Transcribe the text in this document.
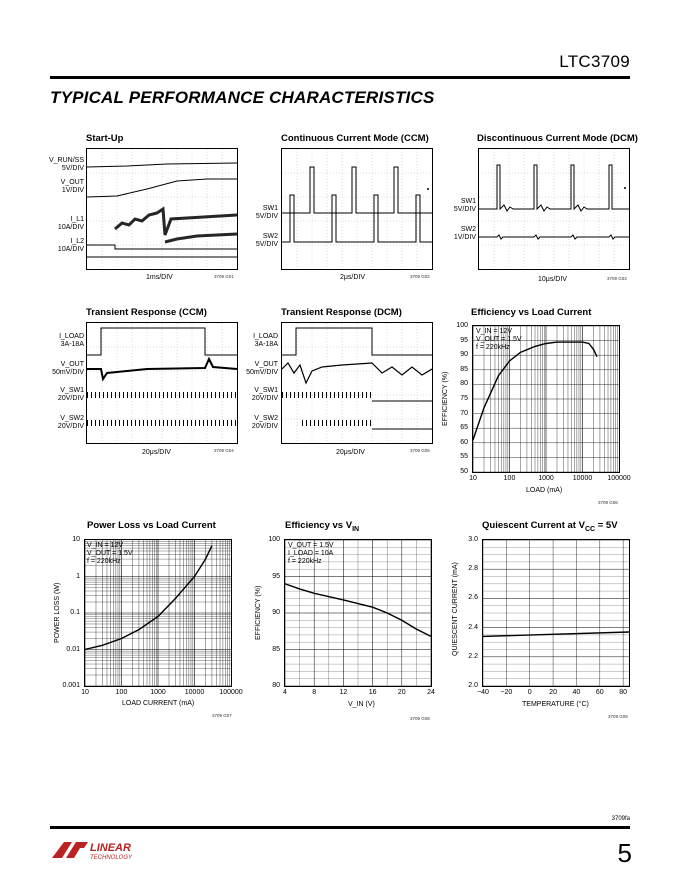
LTC3709
TYPICAL PERFORMANCE CHARACTERISTICS
Start-Up
V_RUN/SS
5V/DIV
V_OUT
1V/DIV
I_L1
10A/DIV
I_L2
10A/DIV
1ms/DIV	3709 G01
Continuous Current Mode (CCM)
SW1
5V/DIV
SW2
5V/DIV
2μs/DIV	3709 G02
Discontinuous Current Mode (DCM)
SW1
5V/DIV
SW2
1V/DIV
10μs/DIV	3709 G03
Transient Response (CCM)
I_LOAD
3A-18A
V_OUT
50mV/DIV
V_SW1
20V/DIV
V_SW2
20V/DIV
20μs/DIV	3709 G04
Transient Response (DCM)
I_LOAD
3A-18A
V_OUT
50mV/DIV
V_SW1
20V/DIV
V_SW2
20V/DIV
20μs/DIV	3709 G05
Efficiency vs Load Current
V_IN = 12V
V_OUT = 1.5V
f = 220kHz
10	100	1000	10000	100000
100
95
90
85
80
75
70
65
60
55
50
EFFICIENCY (%)
LOAD (mA)
3709 G06
Power Loss vs Load Current
V_IN = 12V
V_OUT = 1.5V
f = 220kHz
10	100	1000	10000	100000
10
1
0.1
0.01
0.001
POWER LOSS (W)
LOAD CURRENT (mA)
3709 G07
Efficiency vs $V_{IN}$
V_OUT = 1.5V
I_LOAD = 10A
f = 220kHz
4	8	12	16	20	24
100
95
90
85
80
EFFICIENCY (%)
V_IN (V)
3709 G08
Quiescent Current at $V_{CC} = 5V$
−40	−20	0	20	40	60	80
3.0
2.8
2.6
2.4
2.2
2.0
QUIESCENT CURRENT (mA)
TEMPERATURE (°C)
3709 G09
3709fa
LINEAR
TECHNOLOGY	5
